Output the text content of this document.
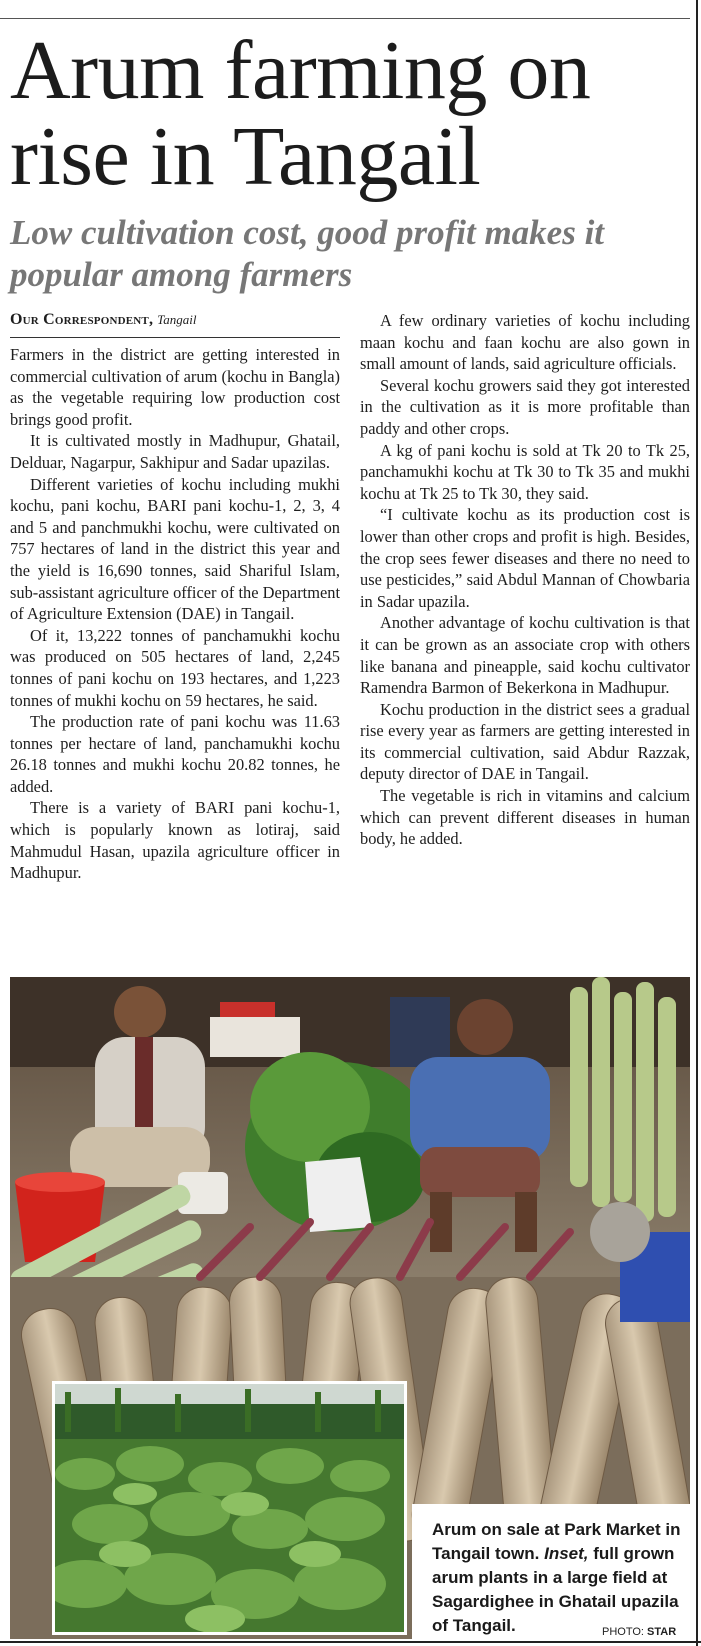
Arum farming on rise in Tangail
Low cultivation cost, good profit makes it popular among farmers
Our Correspondent, Tangail

Farmers in the district are getting interested in commercial cultivation of arum (kochu in Bangla) as the vegetable requiring low production cost brings good profit.

It is cultivated mostly in Madhupur, Ghatail, Delduar, Nagarpur, Sakhipur and Sadar upazilas.

Different varieties of kochu including mukhi kochu, pani kochu, BARI pani kochu-1, 2, 3, 4 and 5 and panchmukhi kochu, were cultivated on 757 hectares of land in the district this year and the yield is 16,690 tonnes, said Shariful Islam, sub-assistant agriculture officer of the Department of Agriculture Extension (DAE) in Tangail.

Of it, 13,222 tonnes of panchamukhi kochu was produced on 505 hectares of land, 2,245 tonnes of pani kochu on 193 hectares, and 1,223 tonnes of mukhi kochu on 59 hectares, he said.

The production rate of pani kochu was 11.63 tonnes per hectare of land, panchamukhi kochu 26.18 tonnes and mukhi kochu 20.82 tonnes, he added.

There is a variety of BARI pani kochu-1, which is popularly known as lotiraj, said Mahmudul Hasan, upazila agriculture officer in Madhupur.

A few ordinary varieties of kochu including maan kochu and faan kochu are also gown in small amount of lands, said agriculture officials.

Several kochu growers said they got interested in the cultivation as it is more profitable than paddy and other crops.

A kg of pani kochu is sold at Tk 20 to Tk 25, panchamukhi kochu at Tk 30 to Tk 35 and mukhi kochu at Tk 25 to Tk 30, they said.

“I cultivate kochu as its production cost is lower than other crops and profit is high. Besides, the crop sees fewer diseases and there no need to use pesticides,” said Abdul Mannan of Chowbaria in Sadar upazila.

Another advantage of kochu cultivation is that it can be grown as an associate crop with others like banana and pineapple, said kochu cultivator Ramendra Barmon of Bekerkona in Madhupur.

Kochu production in the district sees a gradual rise every year as farmers are getting interested in its commercial cultivation, said Abdur Razzak, deputy director of DAE in Tangail.

The vegetable is rich in vitamins and calcium which can prevent different diseases in human body, he added.

Arum on sale at Park Market in Tangail town. Inset, full grown arum plants in a large field at Sagardighee in Ghatail upazila of Tangail.	PHOTO: STAR
